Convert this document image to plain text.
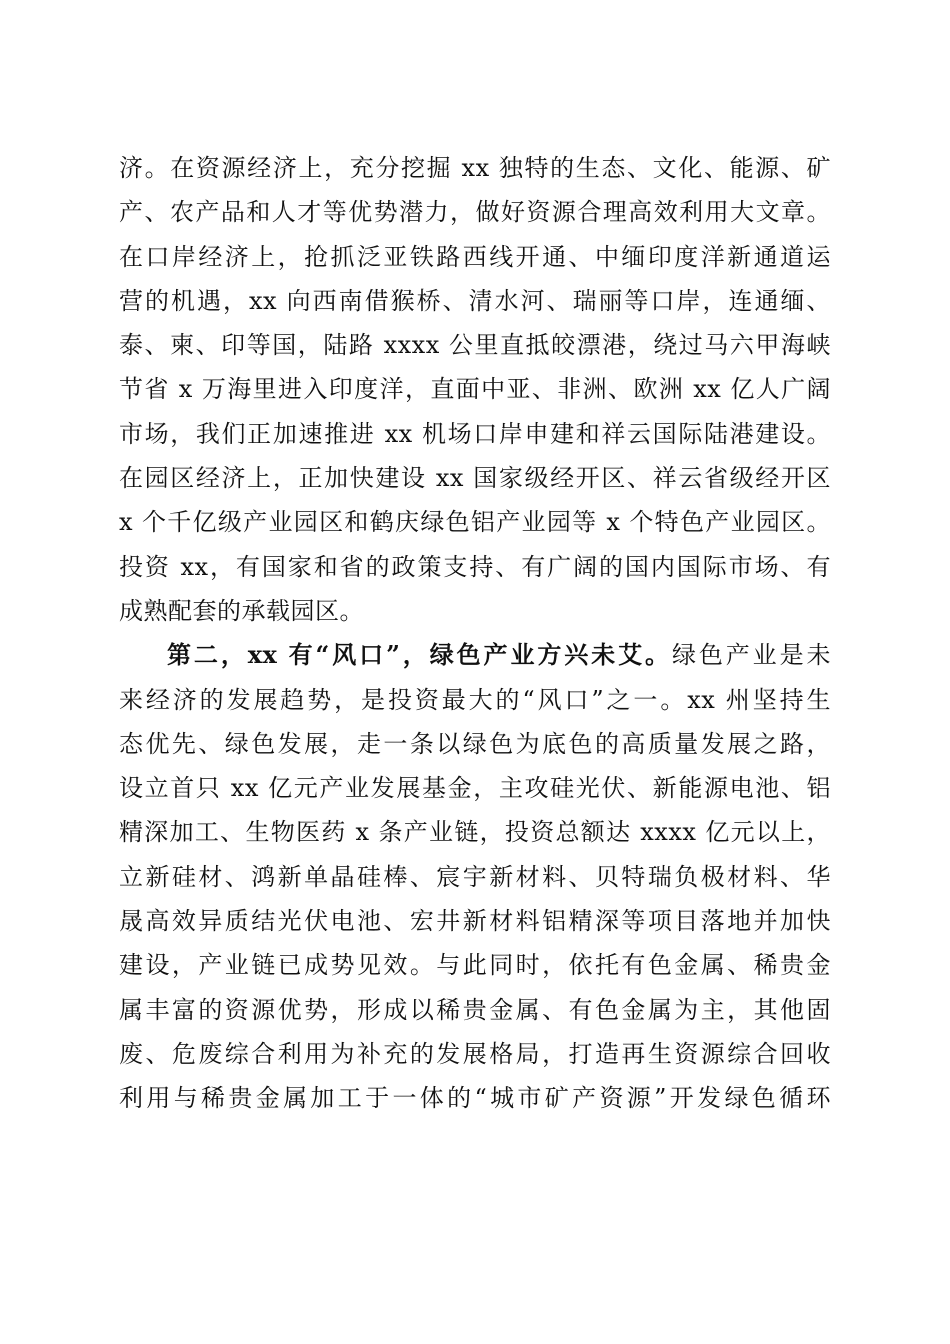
济。在资源经济上，充分挖掘 xx 独特的生态、文化、能源、矿
产、农产品和人才等优势潜力，做好资源合理高效利用大文章。
在口岸经济上，抢抓泛亚铁路西线开通、中缅印度洋新通道运
营的机遇，xx 向西南借猴桥、清水河、瑞丽等口岸，连通缅、
泰、柬、印等国，陆路 xxxx 公里直抵皎漂港，绕过马六甲海峡
节省 x 万海里进入印度洋，直面中亚、非洲、欧洲 xx 亿人广阔
市场，我们正加速推进 xx 机场口岸申建和祥云国际陆港建设。
在园区经济上，正加快建设 xx 国家级经开区、祥云省级经开区
x 个千亿级产业园区和鹤庆绿色铝产业园等 x 个特色产业园区。
投资 xx，有国家和省的政策支持、有广阔的国内国际市场、有
成熟配套的承载园区。
第二，xx 有“风口”，绿色产业方兴未艾。绿色产业是未
来经济的发展趋势，是投资最大的“风口”之一。xx 州坚持生
态优先、绿色发展，走一条以绿色为底色的高质量发展之路，
设立首只 xx 亿元产业发展基金，主攻硅光伏、新能源电池、铝
精深加工、生物医药 x 条产业链，投资总额达 xxxx 亿元以上，
立新硅材、鸿新单晶硅棒、宸宇新材料、贝特瑞负极材料、华
晟高效异质结光伏电池、宏井新材料铝精深等项目落地并加快
建设，产业链已成势见效。与此同时，依托有色金属、稀贵金
属丰富的资源优势，形成以稀贵金属、有色金属为主，其他固
废、危废综合利用为补充的发展格局，打造再生资源综合回收
利用与稀贵金属加工于一体的“城市矿产资源”开发绿色循环
